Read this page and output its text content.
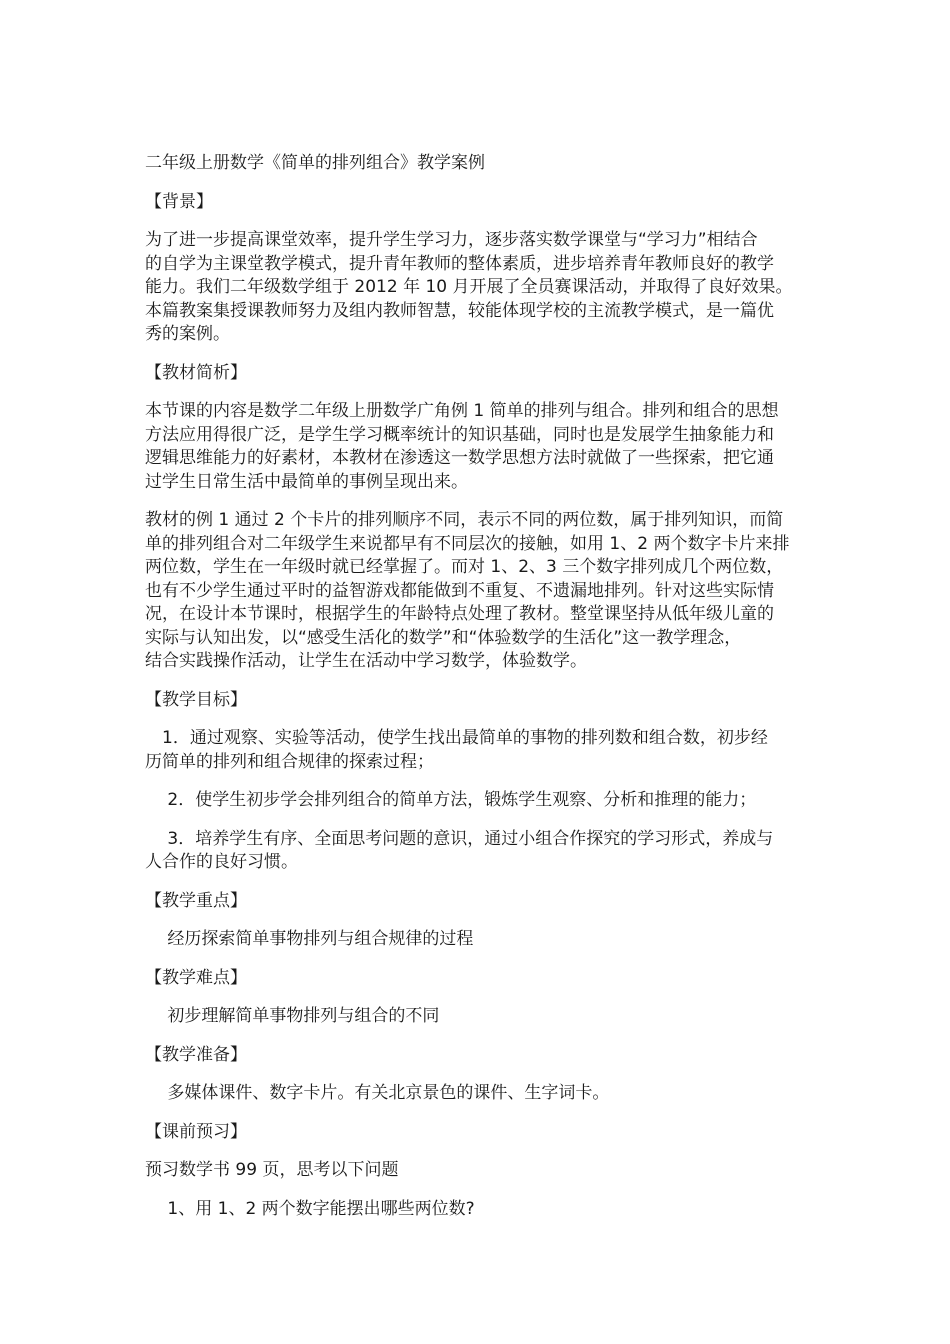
二年级上册数学《简单的排列组合》教学案例

【背景】

为了进一步提高课堂效率，提升学生学习力，逐步落实数学课堂与“学习力”相结合

的自学为主课堂教学模式，提升青年教师的整体素质，进步培养青年教师良好的教学

能力。我们二年级数学组于 2012 年 10 月开展了全员赛课活动，并取得了良好效果。

本篇教案集授课教师努力及组内教师智慧，较能体现学校的主流教学模式，是一篇优

秀的案例。

【教材简析】

本节课的内容是数学二年级上册数学广角例 1 简单的排列与组合。排列和组合的思想

方法应用得很广泛，是学生学习概率统计的知识基础，同时也是发展学生抽象能力和

逻辑思维能力的好素材，本教材在渗透这一数学思想方法时就做了一些探索，把它通

过学生日常生活中最简单的事例呈现出来。

教材的例 1 通过 2 个卡片的排列顺序不同，表示不同的两位数，属于排列知识，而简

单的排列组合对二年级学生来说都早有不同层次的接触，如用 1、2 两个数字卡片来排

两位数，学生在一年级时就已经掌握了。而对 1、2、3 三个数字排列成几个两位数，

也有不少学生通过平时的益智游戏都能做到不重复、不遗漏地排列。针对这些实际情

况，在设计本节课时，根据学生的年龄特点处理了教材。整堂课坚持从低年级儿童的

实际与认知出发，以“感受生活化的数学”和“体验数学的生活化”这一教学理念，

结合实践操作活动，让学生在活动中学习数学，体验数学。

【教学目标】

　1．通过观察、实验等活动，使学生找出最简单的事物的排列数和组合数，初步经

历简单的排列和组合规律的探索过程；

　 2．使学生初步学会排列组合的简单方法，锻炼学生观察、分析和推理的能力；

　 3．培养学生有序、全面思考问题的意识，通过小组合作探究的学习形式，养成与

人合作的良好习惯。

【教学重点】

　 经历探索简单事物排列与组合规律的过程

【教学难点】

　 初步理解简单事物排列与组合的不同

【教学准备】

　 多媒体课件、数字卡片。有关北京景色的课件、生字词卡。

【课前预习】

预习数学书 99 页，思考以下问题

　 1、用 1、2 两个数字能摆出哪些两位数?
